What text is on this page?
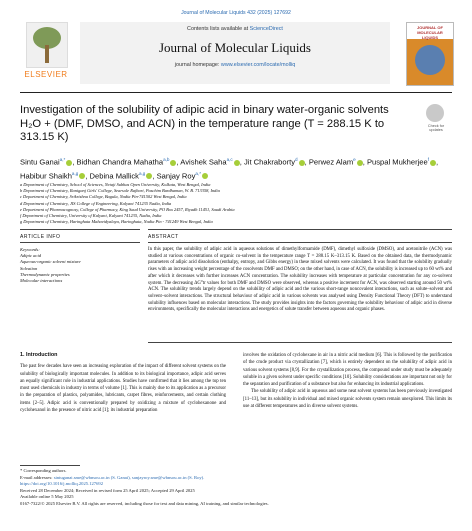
Journal of Molecular Liquids 432 (2025) 127692
ELSEVIER
Contents lists available at ScienceDirect
Journal of Molecular Liquids
journal homepage: www.elsevier.com/locate/molliq
JOURNAL OF MOLECULAR LIQUIDS
Investigation of the solubility of adipic acid in binary water-organic solvents H₂O + (DMF, DMSO, and ACN) in the temperature range (T = 288.15 K to 313.15 K)
Check for updates
Sintu Ganai$^{a,*}$ , Bidhan Chandra Mahatha$^{a,b}$ , Avishek Saha$^{a,c}$ , Jit Chakraborty$^d$ , Perwez Alam$^e$ , Puspal Mukherjee$^f$ , Habibur Shaikh$^{a,g}$ , Debina Mallick$^{a,g}$ , Sanjay Roy$^{a,*}$
a Department of Chemistry, School of Sciences, Netaji Subhas Open University, Kolkata, West Bengal, India
b Department of Chemistry, Raniganj Girls' College, Searsole Rajbari, Paschim Bardhaman, W. B. 713358, India
c Department of Chemistry, Srikrishna College, Bagula, Nadia Pin-741502 West Bengal, India
d Department of Chemistry, JIS College of Engineering, Kalyani 741235 Nadia, India
e Department of Pharmacognosy, College of Pharmacy, King Saud University, PO Box 2457, Riyadh 11451, Saudi Arabia
f Department of Chemistry, University of Kalyani, Kalyani 741235, Nadia, India
g Department of Chemistry, Haringhata Mahavidyalaya, Haringhata, Nadia Pin - 741249 West Bengal, India
ARTICLE INFO	ABSTRACT
Keywords:
Adipic acid
Aqueous-organic solvent mixture
Solvation
Thermodynamic properties
Molecular interactions
In this paper, the solubility of adipic acid in aqueous solutions of dimethylformamide (DMF), dimethyl sulfoxide (DMSO), and acetonitrile (ACN) was studied at various concentrations of organic co-solvent in the temperature range T = 288.15 K–313.15 K. Based on the obtained data, the thermodynamic parameters of adipic acid dissolution (enthalpy, entropy, and Gibbs energy) in these mixed solvents were calculated. It was found that the solubility gradually rises with an increasing weight percentage of the cosolvents DMF and DMSO; on the other hand, in case of ACN, the solubility is increased up to 60 wt% and after which it decreases with further increases ACN concentration. The solubility increases with temperature at particular concentration for any co-solvent system. The decreasing ΔG°tr values for both DMF and DMSO were observed, whereas a positive increment for ACN, was observed starting around 50 wt% ACN. The solubility trends largely depend on the solubility of adipic acid and the various short-range noncovalent interactions, such as solute–solvent and solvent–solvent interactions. The structural behaviour of adipic acid in various solvents was analysed using Density Functional Theory (DFT) to understand solubility influences based on molecular interactions. The study provides insights into the factors governing the solubility behaviour of adipic acid in diverse environments, specifically the molecular interactions and energetics of solute transfer between aqueous and organic phases.
1. Introduction
The past few decades have seen an increasing exploration of the impact of different solvent systems on the solubility of biologically important molecules. In addition to its biological importance, adipic acid serves an equally significant role in industrial applications. Studies have confirmed that it lies among the top ten most used chemicals in industry in terms of volume [1]. This is mainly due to its application as a precursor in the preparation of plastics, polyamides, lubricants, carpet fibres, reinforcements, and certain clothing items [2–5]. Adipic acid is conventionally prepared by oxidizing a mixture of cyclohexanone and cyclohexanol in the presence of nitric acid [1]; its industrial preparation
involves the oxidation of cyclohexane in air in a nitric acid medium [6]. This is followed by the purification of the crude product via crystallization [7], which is entirely dependent on the solubility of adipic acid in various solvent systems [8,9]. For the crystallization process, the compound under study must be adequately soluble in a given solvent under specific conditions [10]. Solubility considerations are important not only for the separation and purification of a substance but also for enhancing its industrial applications.
The solubility of adipic acid in aqueous and some neat solvent systems has been previously investigated [11–13], but its solubility in individual and mixed organic solvents system remain unexplored. This limits its use at different temperatures and in diverse solvent systems.
* Corresponding authors.
E-mail addresses: sintuganai.sme@wbnsou.ac.in (S. Ganai), sanjayroy.sme@wbnsou.ac.in (S. Roy).
https://doi.org/10.1016/j.molliq.2025.127692
Received 28 December 2024; Received in revised form 25 April 2025; Accepted 29 April 2025
Available online 5 May 2025
0167-7322/© 2025 Elsevier B.V. All rights are reserved, including those for text and data mining, AI training, and similar technologies.
